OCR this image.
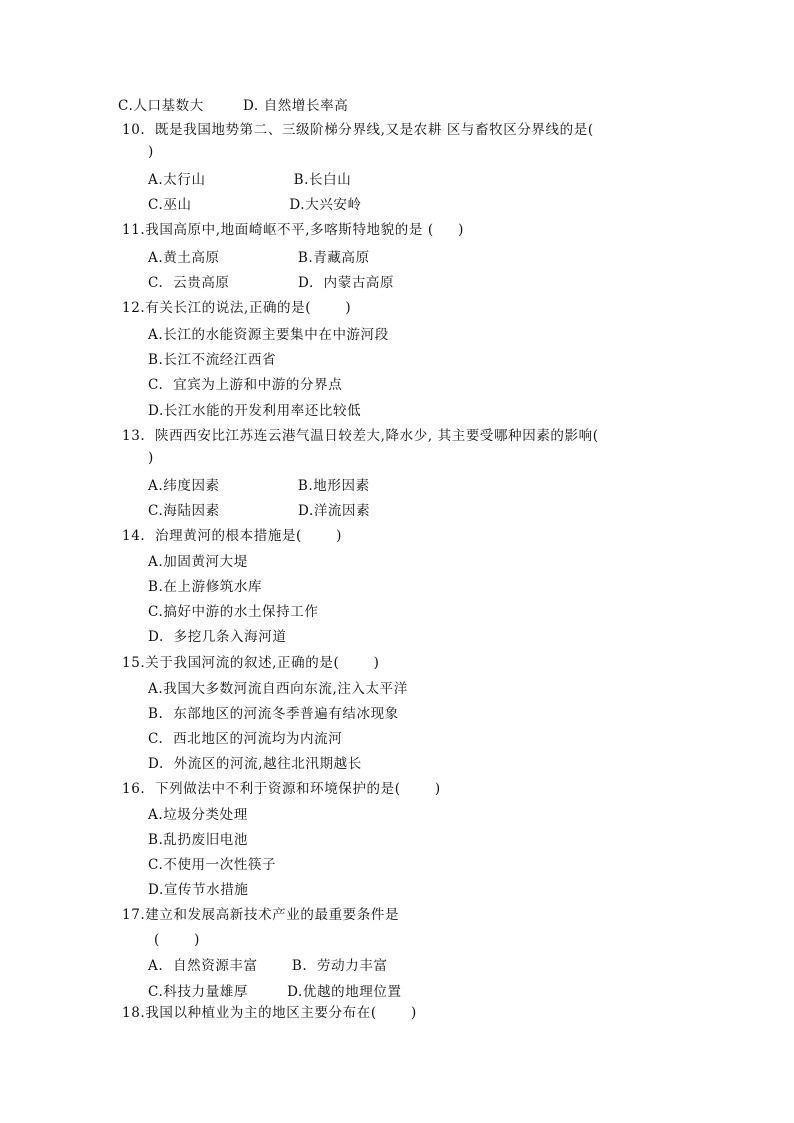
C.人口基数大        D. 自然增长率高
10.  既是我国地势第二、三级阶梯分界线,又是农耕 区与畜牧区分界线的是(
)
A.太行山                  B.长白山
C.巫山                    D.大兴安岭
11.我国高原中,地面崎岖不平,多喀斯特地貌的是 (     )
A.黄土高原                B.青藏高原
C.  云贵高原              D.  内蒙古高原
12.有关长江的说法,正确的是(       )
A.长江的水能资源主要集中在中游河段
B.长江不流经江西省
C.  宜宾为上游和中游的分界点
D.长江水能的开发利用率还比较低
13.  陕西西安比江苏连云港气温日较差大,降水少, 其主要受哪种因素的影响(
)
A.纬度因素                B.地形因素
C.海陆因素                D.洋流因素
14.  治理黄河的根本措施是(       )
A.加固黄河大堤
B.在上游修筑水库
C.搞好中游的水土保持工作
D.  多挖几条入海河道
15.关于我国河流的叙述,正确的是(       )
A.我国大多数河流自西向东流,注入太平洋
B.  东部地区的河流冬季普遍有结冰现象
C.  西北地区的河流均为内流河
D.  外流区的河流,越往北汛期越长
16.  下列做法中不利于资源和环境保护的是(       )
A.垃圾分类处理
B.乱扔废旧电池
C.不使用一次性筷子
D.宣传节水措施
17.建立和发展高新技术产业的最重要条件是
(       )
A.  自然资源丰富       B.  劳动力丰富
C.科技力量雄厚        D.优越的地理位置
18.我国以种植业为主的地区主要分布在(       )
